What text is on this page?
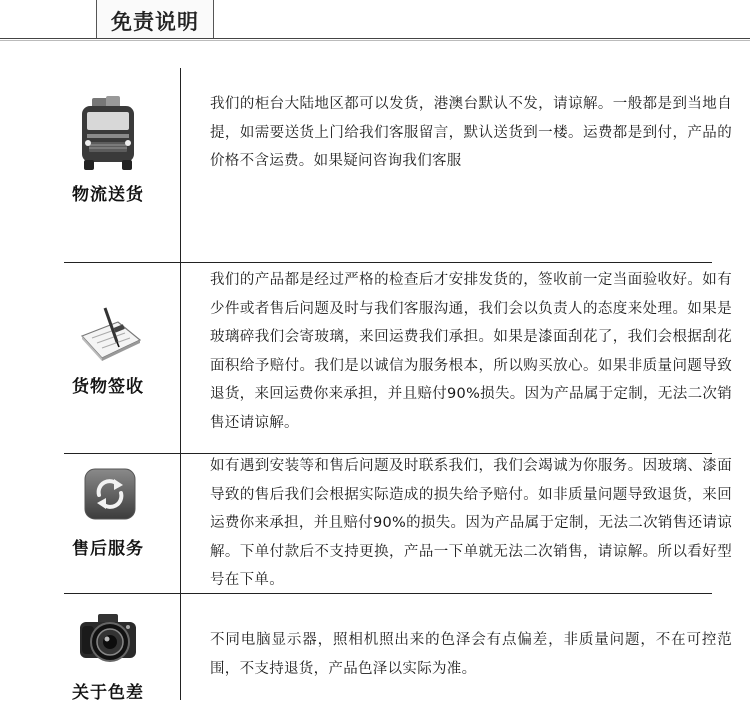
免责说明
物流送货
我们的柜台大陆地区都可以发货，港澳台默认不发，请谅解。一般都是到当地自提，如需要送货上门给我们客服留言，默认送货到一楼。运费都是到付，产品的价格不含运费。如果疑问咨询我们客服
货物签收
我们的产品都是经过严格的检查后才安排发货的，签收前一定当面验收好。如有少件或者售后问题及时与我们客服沟通，我们会以负责人的态度来处理。如果是玻璃碎我们会寄玻璃，来回运费我们承担。如果是漆面刮花了，我们会根据刮花面积给予赔付。我们是以诚信为服务根本，所以购买放心。如果非质量问题导致退货，来回运费你来承担，并且赔付90%损失。因为产品属于定制，无法二次销售还请谅解。
售后服务
如有遇到安装等和售后问题及时联系我们，我们会竭诚为你服务。因玻璃、漆面导致的售后我们会根据实际造成的损失给予赔付。如非质量问题导致退货，来回运费你来承担，并且赔付90%的损失。因为产品属于定制，无法二次销售还请谅解。下单付款后不支持更换，产品一下单就无法二次销售，请谅解。所以看好型号在下单。
关于色差
不同电脑显示器，照相机照出来的色泽会有点偏差，非质量问题，不在可控范围，不支持退货，产品色泽以实际为准。
